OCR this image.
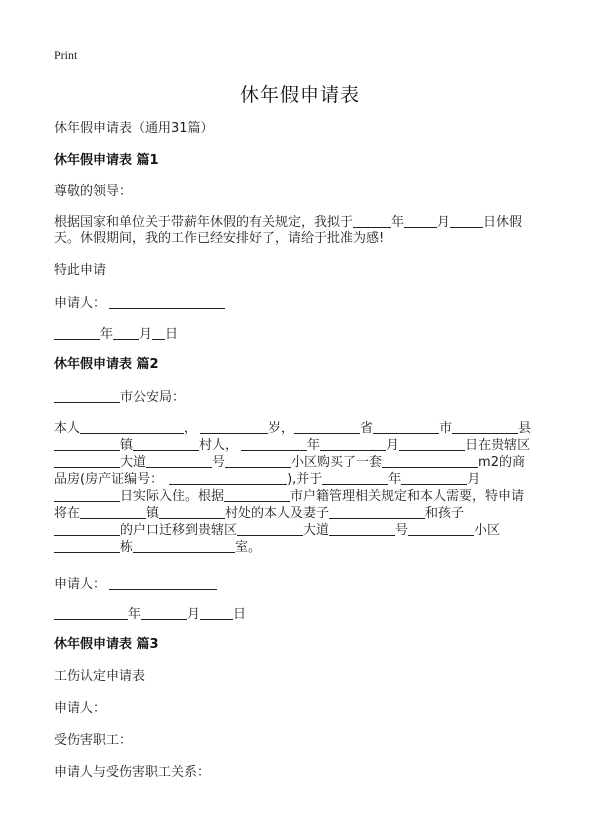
Print
休年假申请表
休年假申请表（通用31篇）
休年假申请表 篇1
尊敬的领导：
根据国家和单位关于带薪年休假的有关规定，我拟于	年	月	日休假
天。休假期间，我的工作已经安排好了，请给于批准为感!
特此申请
申请人：
年 月 日
休年假申请表 篇2
市公安局：
本人	，	岁，	省	市	县
镇	村人，	年	月	日在贵辖区
大道	号	小区购买了一套	m2的商
品房(房产证编号：	),并于	年	月
日实际入住。根据	市户籍管理相关规定和本人需要，特申请
将在	镇	村处的本人及妻子	和孩子
的户口迁移到贵辖区	大道	号	小区
栋	室。
申请人：
年	月	日
休年假申请表 篇3
工伤认定申请表
申请人：
受伤害职工：
申请人与受伤害职工关系：
